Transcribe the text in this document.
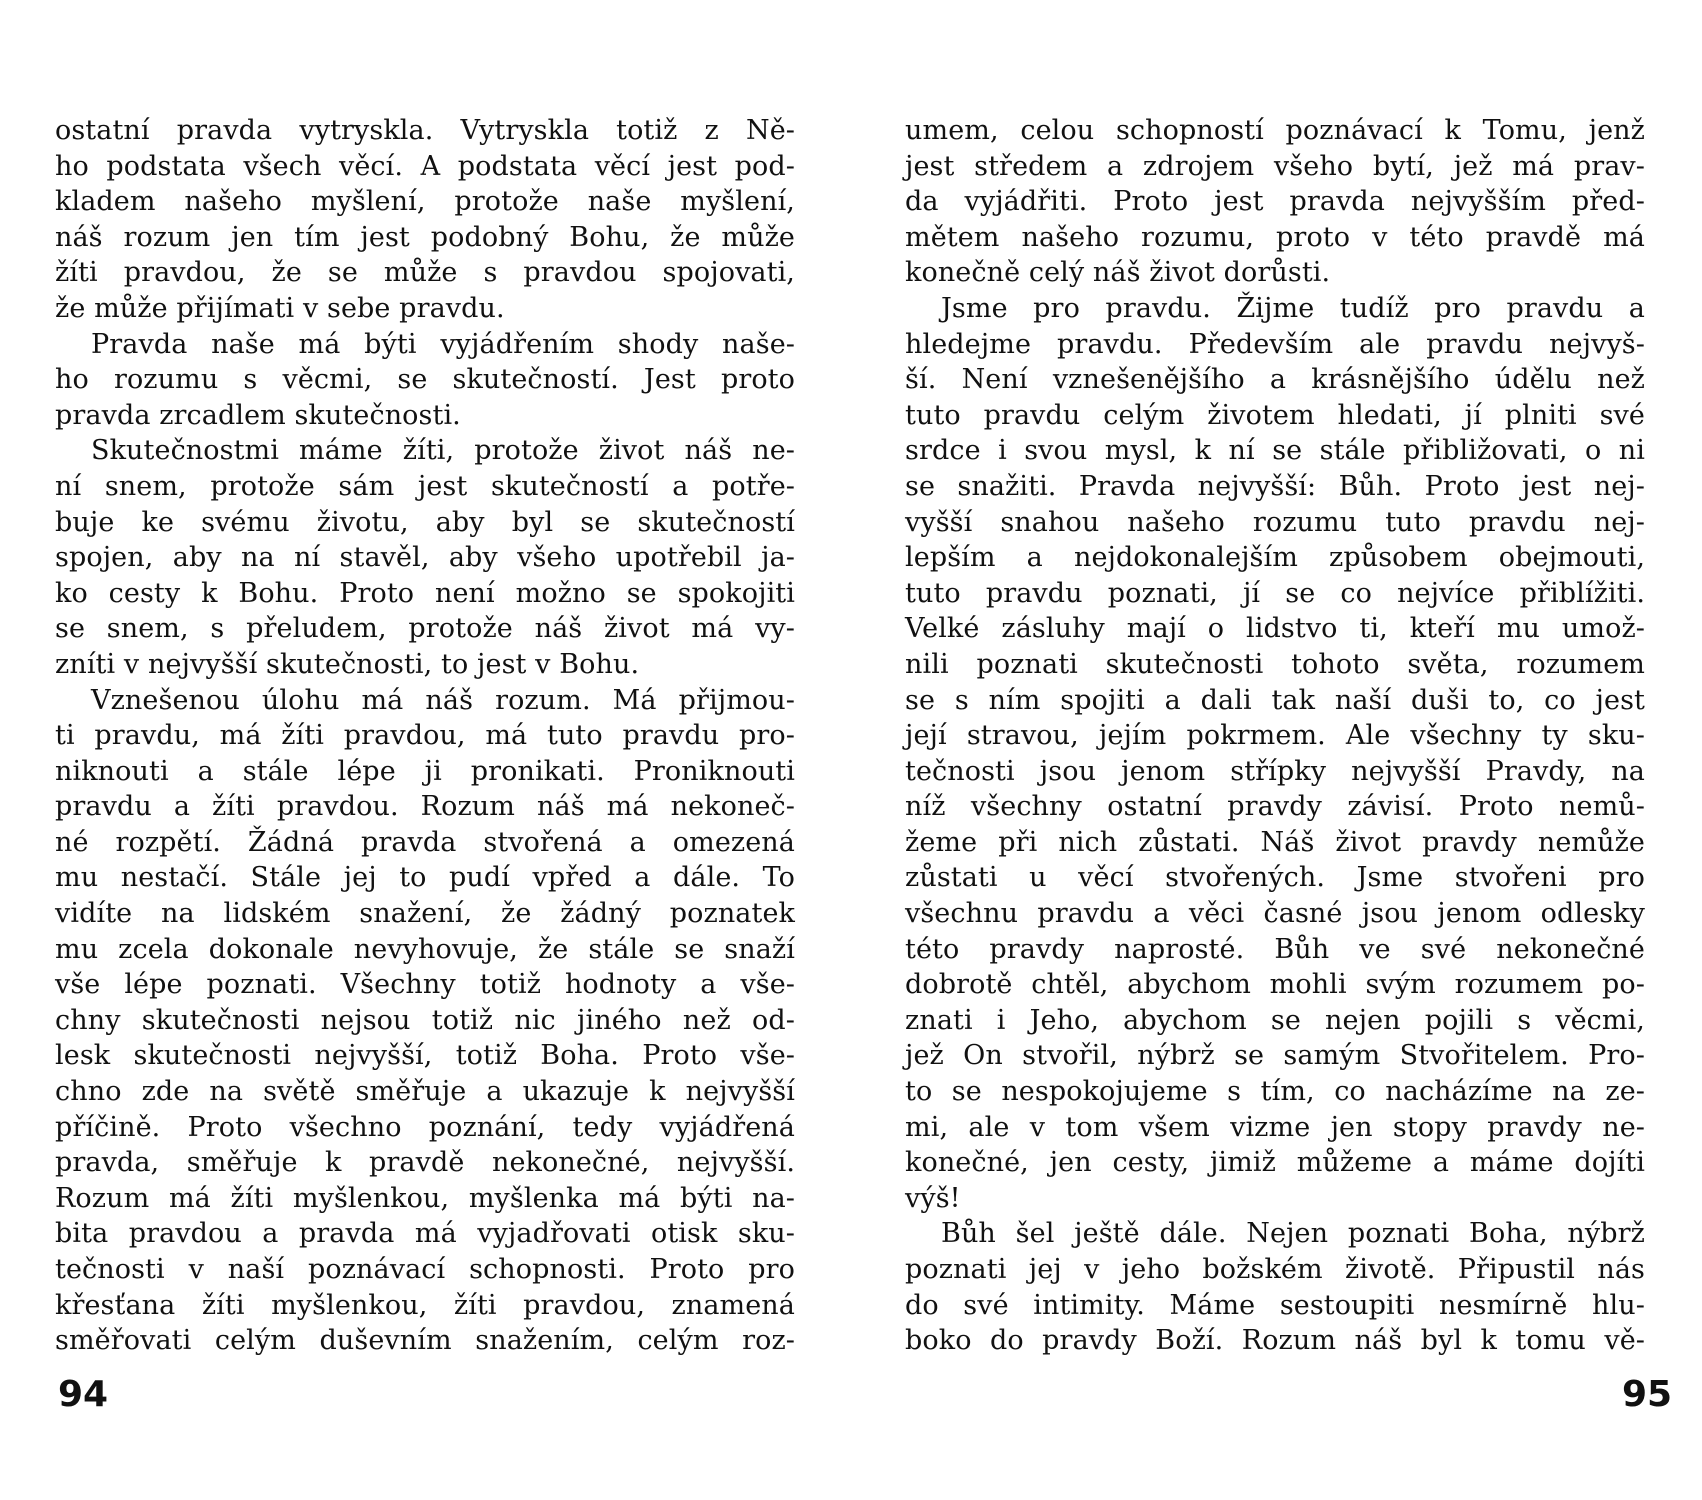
ostatní pravda vytryskla. Vytryskla totiž z Ně-
ho podstata všech věcí. A podstata věcí jest pod-
kladem našeho myšlení, protože naše myšlení,
náš rozum jen tím jest podobný Bohu, že může
žíti pravdou, že se může s pravdou spojovati,
že může přijímati v sebe pravdu.
Pravda naše má býti vyjádřením shody naše-
ho rozumu s věcmi, se skutečností. Jest proto
pravda zrcadlem skutečnosti.
Skutečnostmi máme žíti, protože život náš ne-
ní snem, protože sám jest skutečností a potře-
buje ke svému životu, aby byl se skutečností
spojen, aby na ní stavěl, aby všeho upotřebil ja-
ko cesty k Bohu. Proto není možno se spokojiti
se snem, s přeludem, protože náš život má vy-
zníti v nejvyšší skutečnosti, to jest v Bohu.
Vznešenou úlohu má náš rozum. Má přijmou-
ti pravdu, má žíti pravdou, má tuto pravdu pro-
niknouti a stále lépe ji pronikati. Proniknouti
pravdu a žíti pravdou. Rozum náš má nekoneč-
né rozpětí. Žádná pravda stvořená a omezená
mu nestačí. Stále jej to pudí vpřed a dále. To
vidíte na lidském snažení, že žádný poznatek
mu zcela dokonale nevyhovuje, že stále se snaží
vše lépe poznati. Všechny totiž hodnoty a vše-
chny skutečnosti nejsou totiž nic jiného než od-
lesk skutečnosti nejvyšší, totiž Boha. Proto vše-
chno zde na světě směřuje a ukazuje k nejvyšší
příčině. Proto všechno poznání, tedy vyjádřená
pravda, směřuje k pravdě nekonečné, nejvyšší.
Rozum má žíti myšlenkou, myšlenka má býti na-
bita pravdou a pravda má vyjadřovati otisk sku-
tečnosti v naší poznávací schopnosti. Proto pro
křesťana žíti myšlenkou, žíti pravdou, znamená
směřovati celým duševním snažením, celým roz-
94
umem, celou schopností poznávací k Tomu, jenž
jest středem a zdrojem všeho bytí, jež má prav-
da vyjádřiti. Proto jest pravda nejvyšším před-
mětem našeho rozumu, proto v této pravdě má
konečně celý náš život dorůsti.
Jsme pro pravdu. Žijme tudíž pro pravdu a
hledejme pravdu. Především ale pravdu nejvyš-
ší. Není vznešenějšího a krásnějšího údělu než
tuto pravdu celým životem hledati, jí plniti své
srdce i svou mysl, k ní se stále přibližovati, o ni
se snažiti. Pravda nejvyšší: Bůh. Proto jest nej-
vyšší snahou našeho rozumu tuto pravdu nej-
lepším a nejdokonalejším způsobem obejmouti,
tuto pravdu poznati, jí se co nejvíce přiblížiti.
Velké zásluhy mají o lidstvo ti, kteří mu umož-
nili poznati skutečnosti tohoto světa, rozumem
se s ním spojiti a dali tak naší duši to, co jest
její stravou, jejím pokrmem. Ale všechny ty sku-
tečnosti jsou jenom střípky nejvyšší Pravdy, na
níž všechny ostatní pravdy závisí. Proto nemů-
žeme při nich zůstati. Náš život pravdy nemůže
zůstati u věcí stvořených. Jsme stvořeni pro
všechnu pravdu a věci časné jsou jenom odlesky
této pravdy naprosté. Bůh ve své nekonečné
dobrotě chtěl, abychom mohli svým rozumem po-
znati i Jeho, abychom se nejen pojili s věcmi,
jež On stvořil, nýbrž se samým Stvořitelem. Pro-
to se nespokojujeme s tím, co nacházíme na ze-
mi, ale v tom všem vizme jen stopy pravdy ne-
konečné, jen cesty, jimiž můžeme a máme dojíti
výš!
Bůh šel ještě dále. Nejen poznati Boha, nýbrž
poznati jej v jeho božském životě. Připustil nás
do své intimity. Máme sestoupiti nesmírně hlu-
boko do pravdy Boží. Rozum náš byl k tomu vě-
95
